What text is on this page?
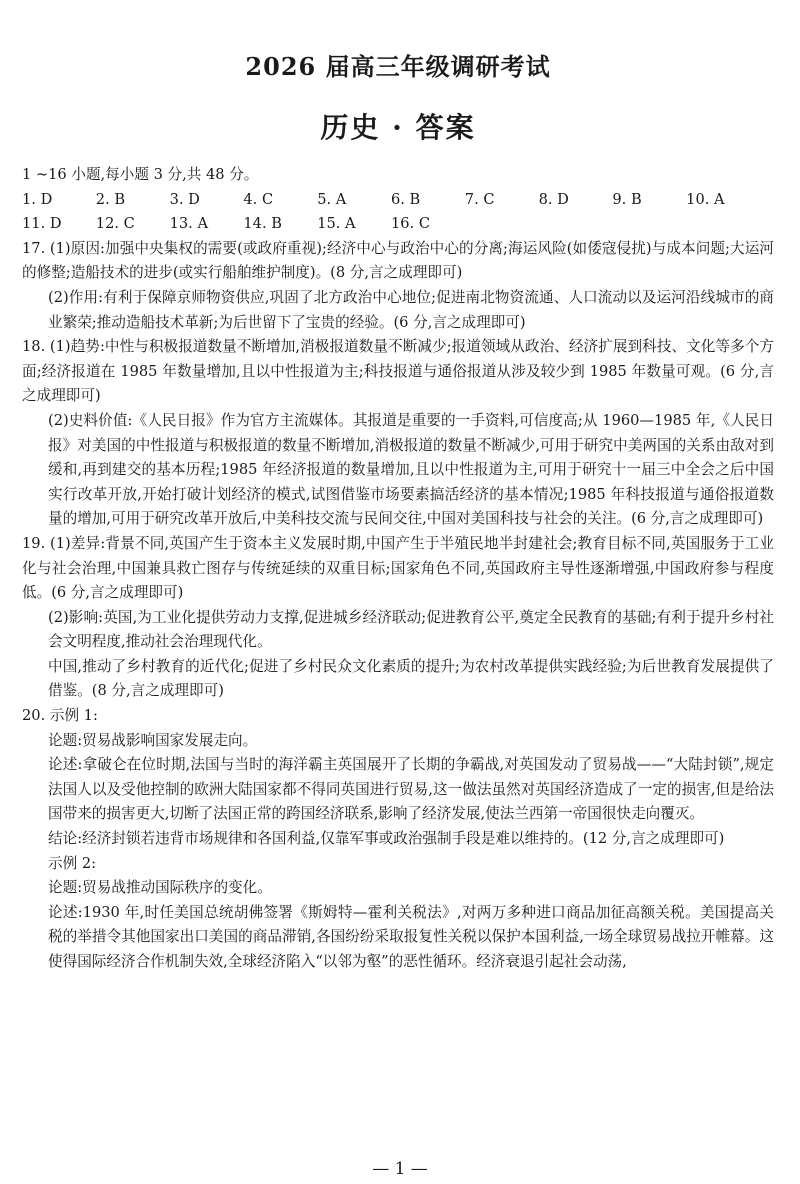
2026 届高三年级调研考试
历史 · 答案

1 ~16 小题,每小题 3 分,共 48 分。

1. D	2. B	3. D	4. C	5. A	6. B	7. C	8. D	9. B	10. A
11. D	12. C	13. A	14. B	15. A	16. C

17. (1)原因:加强中央集权的需要(或政府重视);经济中心与政治中心的分离;海运风险(如倭寇侵扰)与成本问题;大运河的修整;造船技术的进步(或实行船舶维护制度)。(8 分,言之成理即可)

(2)作用:有利于保障京师物资供应,巩固了北方政治中心地位;促进南北物资流通、人口流动以及运河沿线城市的商业繁荣;推动造船技术革新;为后世留下了宝贵的经验。(6 分,言之成理即可)

18. (1)趋势:中性与积极报道数量不断增加,消极报道数量不断减少;报道领域从政治、经济扩展到科技、文化等多个方面;经济报道在 1985 年数量增加,且以中性报道为主;科技报道与通俗报道从涉及较少到 1985 年数量可观。(6 分,言之成理即可)

(2)史料价值:《人民日报》作为官方主流媒体。其报道是重要的一手资料,可信度高;从 1960—1985 年,《人民日报》对美国的中性报道与积极报道的数量不断增加,消极报道的数量不断减少,可用于研究中美两国的关系由敌对到缓和,再到建交的基本历程;1985 年经济报道的数量增加,且以中性报道为主,可用于研究十一届三中全会之后中国实行改革开放,开始打破计划经济的模式,试图借鉴市场要素搞活经济的基本情况;1985 年科技报道与通俗报道数量的增加,可用于研究改革开放后,中美科技交流与民间交往,中国对美国科技与社会的关注。(6 分,言之成理即可)

19. (1)差异:背景不同,英国产生于资本主义发展时期,中国产生于半殖民地半封建社会;教育目标不同,英国服务于工业化与社会治理,中国兼具救亡图存与传统延续的双重目标;国家角色不同,英国政府主导性逐渐增强,中国政府参与程度低。(6 分,言之成理即可)

(2)影响:英国,为工业化提供劳动力支撑,促进城乡经济联动;促进教育公平,奠定全民教育的基础;有利于提升乡村社会文明程度,推动社会治理现代化。

中国,推动了乡村教育的近代化;促进了乡村民众文化素质的提升;为农村改革提供实践经验;为后世教育发展提供了借鉴。(8 分,言之成理即可)

20. 示例 1:

论题:贸易战影响国家发展走向。

论述:拿破仑在位时期,法国与当时的海洋霸主英国展开了长期的争霸战,对英国发动了贸易战——“大陆封锁”,规定法国人以及受他控制的欧洲大陆国家都不得同英国进行贸易,这一做法虽然对英国经济造成了一定的损害,但是给法国带来的损害更大,切断了法国正常的跨国经济联系,影响了经济发展,使法兰西第一帝国很快走向覆灭。

结论:经济封锁若违背市场规律和各国利益,仅靠军事或政治强制手段是难以维持的。(12 分,言之成理即可)

示例 2:

论题:贸易战推动国际秩序的变化。

论述:1930 年,时任美国总统胡佛签署《斯姆特—霍利关税法》,对两万多种进口商品加征高额关税。美国提高关税的举措令其他国家出口美国的商品滞销,各国纷纷采取报复性关税以保护本国利益,一场全球贸易战拉开帷幕。这使得国际经济合作机制失效,全球经济陷入“以邻为壑”的恶性循环。经济衰退引起社会动荡,

— 1 —
